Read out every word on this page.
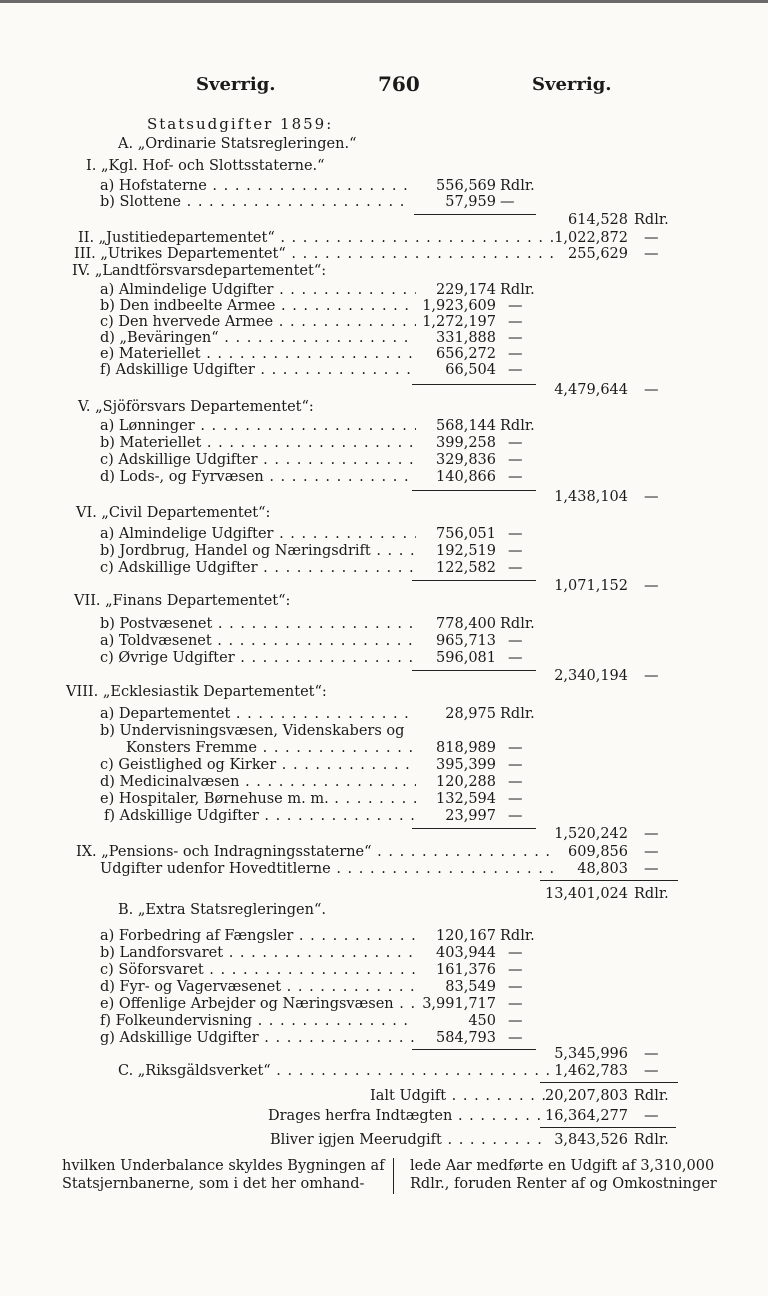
Sverrig.	760	Sverrig.
Statsudgifter 1859:
A. „Ordinarie Statsregleringen.“
I. „Kgl. Hof- och Slottsstaterne.“
a) Hofstaterne . . .	556,569 Rdlr.
b) Slottene . . .	57,959 —
614,528 Rdlr.
II. „Justitiedepartementet“ . . .	1,022,872 —
III. „Utrikes Departementet“ . . .	255,629 —
IV. „Landtförsvarsdepartementet“:
a) Almindelige Udgifter . . .	229,174 Rdlr.
b) Den indbeelte Armee . . .	1,923,609 —
c) Den hvervede Armee . . .	1,272,197 —
d) „Beväringen“ . . .	331,888 —
e) Materiellet . . .	656,272 —
f) Adskillige Udgifter . . .	66,504 —
4,479,644 —
V. „Sjöförsvars Departementet“:
a) Lønninger . . .	568,144 Rdlr.
b) Materiellet . . .	399,258 —
c) Adskillige Udgifter . . .	329,836 —
d) Lods-, og Fyrvæsen . . .	140,866 —
1,438,104 —
VI. „Civil Departementet“:
a) Almindelige Udgifter . . .	756,051 —
b) Jordbrug, Handel og Næringsdrift . . .	192,519 —
c) Adskillige Udgifter . . .	122,582 —
1,071,152 —
VII. „Finans Departementet“:
b) Postvæsenet . . .	778,400 Rdlr.
a) Toldvæsenet . . .	965,713 —
c) Øvrige Udgifter . . .	596,081 —
2,340,194 —
VIII. „Ecklesiastik Departementet“:
a) Departementet . . .	28,975 Rdlr.
b) Undervisningsvæsen, Videnskabers og
Konsters Fremme . . .	818,989 —
c) Geistlighed og Kirker . . .	395,399 —
d) Medicinalvæsen . . .	120,288 —
e) Hospitaler, Børnehuse m. m. . . .	132,594 —
f) Adskillige Udgifter . . .	23,997 —
1,520,242 —
IX. „Pensions- och Indragningsstaterne“ . . .	609,856 —
Udgifter udenfor Hovedtitlerne . . .	48,803 —
13,401,024 Rdlr.
B. „Extra Statsregleringen“.
a) Forbedring af Fængsler . . .	120,167 Rdlr.
b) Landforsvaret . . .	403,944 —
c) Söforsvaret . . .	161,376 —
d) Fyr- og Vagervæsenet . . .	83,549 —
e) Offenlige Arbejder og Næringsvæsen . . .	3,991,717 —
f) Folkeundervisning . . .	450 —
g) Adskillige Udgifter . . .	584,793 —
5,345,996 —
C. „Riksgäldsverket“ . . .	1,462,783 —
Ialt Udgift . . .	20,207,803 Rdlr.
Drages herfra Indtægten . . .	16,364,277 —
Bliver igjen Meerudgift . . .	3,843,526 Rdlr.
hvilken Underbalance skyldes Bygningen af
Statsjernbanerne, som i det her omhand-
lede Aar medførte en Udgift af 3,310,000
Rdlr., foruden Renter af og Omkostninger
